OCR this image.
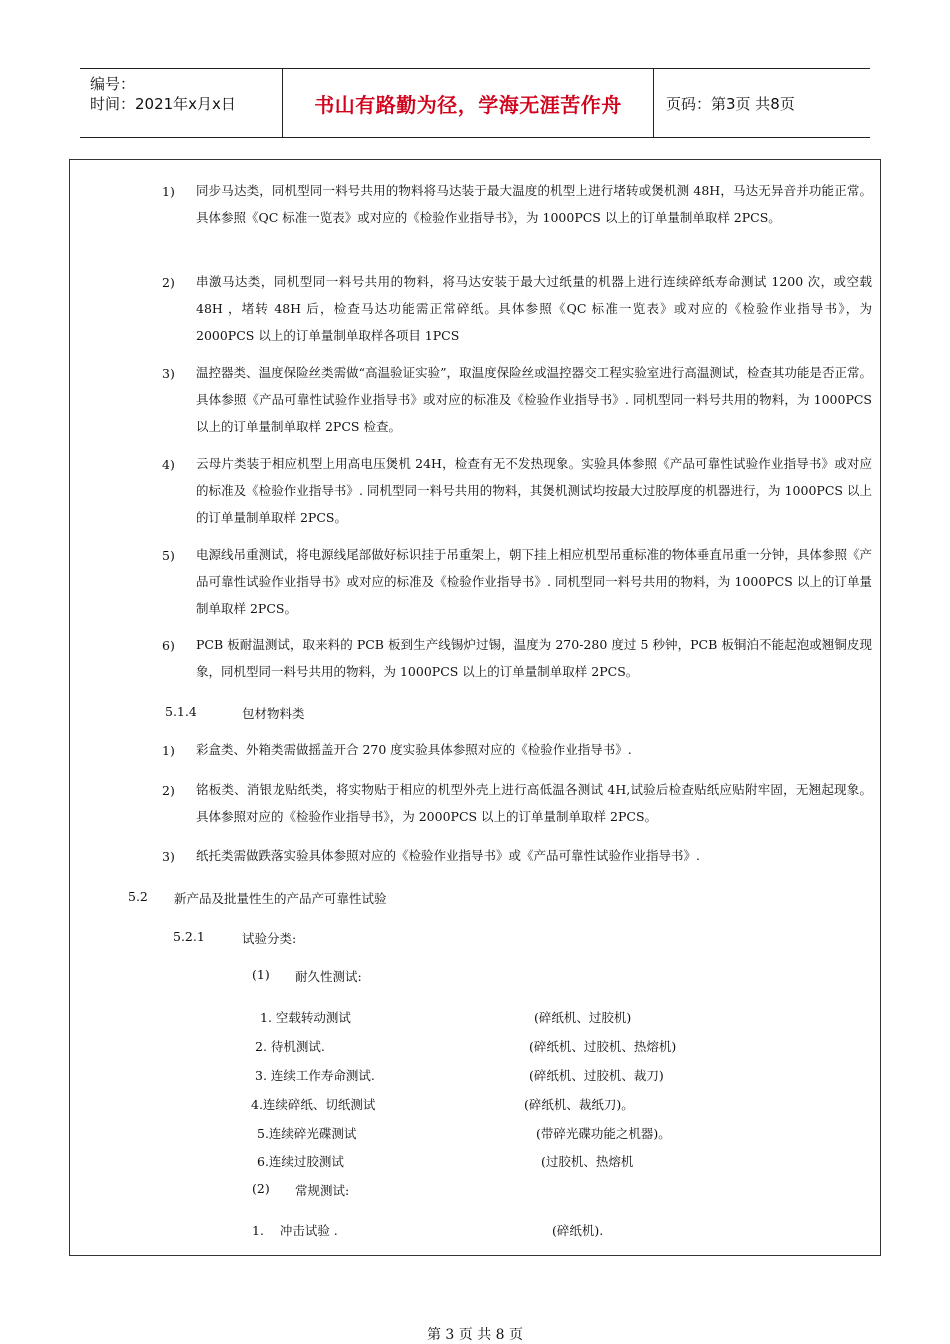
编号：
时间：2021年x月x日	书山有路勤为径，学海无涯苦作舟	页码：第3页 共8页
1) 同步马达类，同机型同一料号共用的物料将马达装于最大温度的机型上进行堵转或煲机测 48H，马达无异音并功能正常。具体参照《QC 标准一览表》或对应的《检验作业指导书》，为 1000PCS 以上的订单量制单取样 2PCS。
2) 串激马达类，同机型同一料号共用的物料，将马达安装于最大过纸量的机器上进行连续碎纸寿命测试 1200 次，或空载 48H ，堵转 48H 后，检查马达功能需正常碎纸。具体参照《QC 标准一览表》或对应的《检验作业指导书》，为 2000PCS 以上的订单量制单取样各项目 1PCS
3) 温控器类、温度保险丝类需做“高温验证实验”，取温度保险丝或温控器交工程实验室进行高温测试，检查其功能是否正常。 具体参照《产品可靠性试验作业指导书》或对应的标准及《检验作业指导书》. 同机型同一料号共用的物料，为 1000PCS 以上的订单量制单取样 2PCS 检查。
4) 云母片类装于相应机型上用高电压煲机 24H，检查有无不发热现象。实验具体参照《产品可靠性试验作业指导书》或对应的标准及《检验作业指导书》. 同机型同一料号共用的物料，其煲机测试均按最大过胶厚度的机器进行，为 1000PCS 以上的订单量制单取样 2PCS。
5) 电源线吊重测试，将电源线尾部做好标识挂于吊重架上，朝下挂上相应机型吊重标准的物体垂直吊重一分钟，具体参照《产品可靠性试验作业指导书》或对应的标准及《检验作业指导书》. 同机型同一料号共用的物料，为 1000PCS 以上的订单量制单取样 2PCS。
6) PCB 板耐温测试，取来料的 PCB 板到生产线锡炉过锡，温度为 270-280 度过 5 秒钟，PCB 板铜泊不能起泡或翘铜皮现象，同机型同一料号共用的物料，为 1000PCS 以上的订单量制单取样 2PCS。
5.1.4	包材物料类
1) 彩盒类、外箱类需做摇盖开合 270 度实验具体参照对应的《检验作业指导书》.
2) 铭板类、消银龙贴纸类，将实物贴于相应的机型外壳上进行高低温各测试 4H,试验后检查贴纸应贴附牢固，无翘起现象。具体参照对应的《检验作业指导书》，为 2000PCS 以上的订单量制单取样 2PCS。
3) 纸托类需做跌落实验具体参照对应的《检验作业指导书》或《产品可靠性试验作业指导书》.
5.2 新产品及批量性生的产品产可靠性试验
5.2.1	试验分类:
(1) 耐久性测试:
1. 空载转动测试	(碎纸机、过胶机)
2. 待机测试.	(碎纸机、过胶机、热熔机)
3. 连续工作寿命测试.	(碎纸机、过胶机、裁刀)
4.连续碎纸、切纸测试	(碎纸机、裁纸刀)。
5.连续碎光碟测试	(带碎光碟功能之机器)。
6.连续过胶测试	(过胶机、热熔机
(2) 常规测试:
1.    冲击试验 .	(碎纸机).
第 3 页 共 8 页
